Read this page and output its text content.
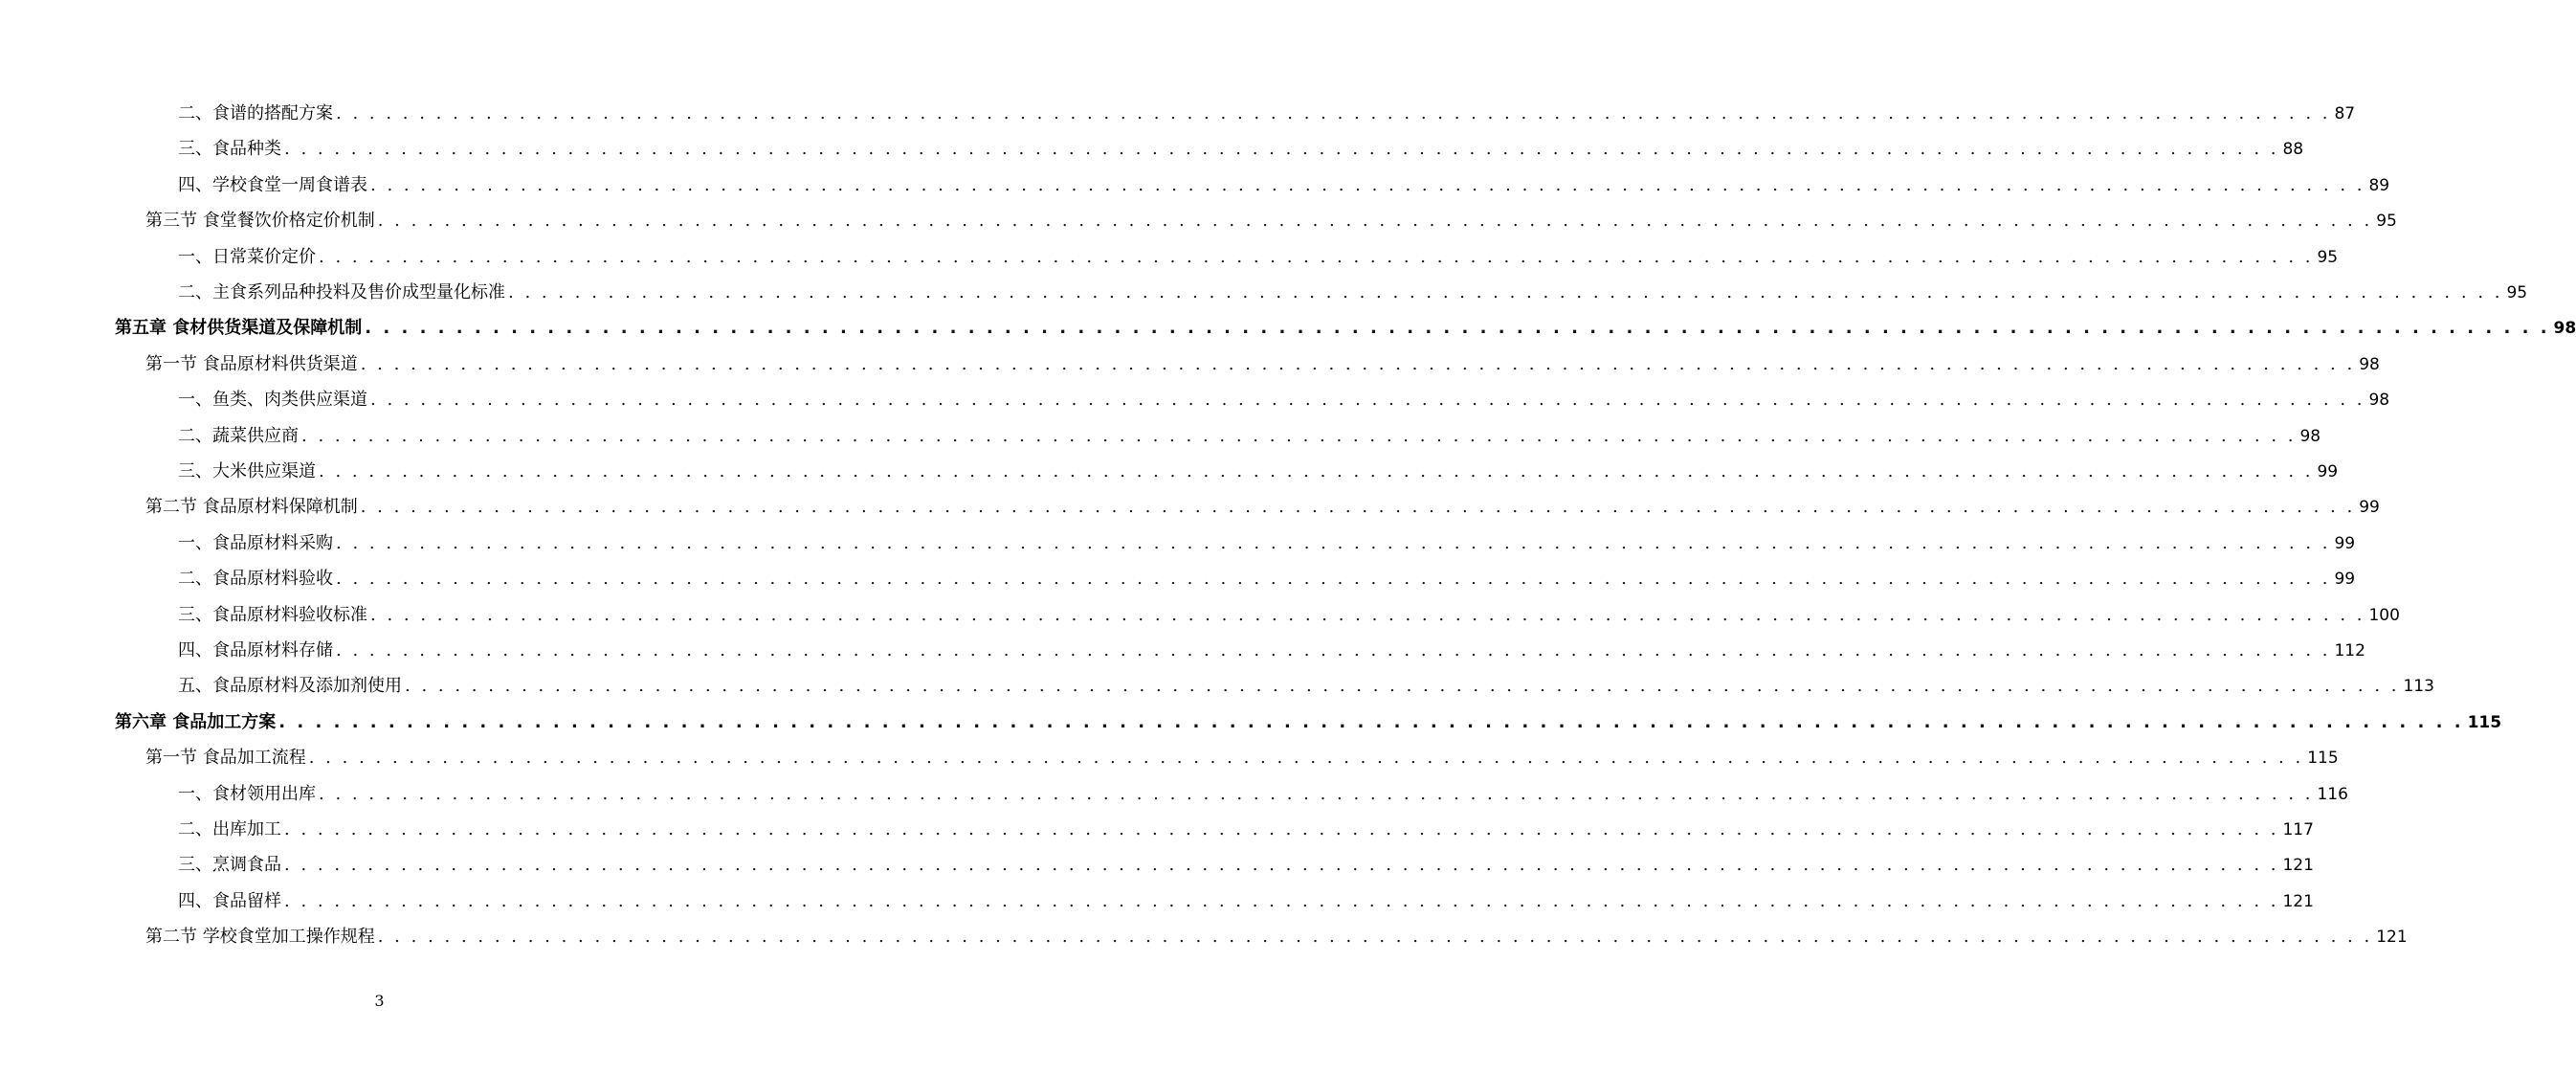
二、食谱的搭配方案 . . . . . . . . . . . . . . . . . . . . . . . . . . . . . . . . . . . . . . . . . . . . . . . . . . . . . . . . . . . . . . . . . . . . . . . . . . . . . . . . . . . . . . . . . . . . . . . . . . . . . . . . . . . . . . . . . . . . . . . . 87
三、食品种类 . . . . . . . . . . . . . . . . . . . . . . . . . . . . . . . . . . . . . . . . . . . . . . . . . . . . . . . . . . . . . . . . . . . . . . . . . . . . . . . . . . . . . . . . . . . . . . . . . . . . . . . . . . . . . . . . . . . . . . . . 88
四、学校食堂一周食谱表 . . . . . . . . . . . . . . . . . . . . . . . . . . . . . . . . . . . . . . . . . . . . . . . . . . . . . . . . . . . . . . . . . . . . . . . . . . . . . . . . . . . . . . . . . . . . . . . . . . . . . . . . . . . . . . . . . . . . . . . . 89
第三节 食堂餐饮价格定价机制 . . . . . . . . . . . . . . . . . . . . . . . . . . . . . . . . . . . . . . . . . . . . . . . . . . . . . . . . . . . . . . . . . . . . . . . . . . . . . . . . . . . . . . . . . . . . . . . . . . . . . . . . . . . . . . . . . . . . . . . . 95
一、日常菜价定价 . . . . . . . . . . . . . . . . . . . . . . . . . . . . . . . . . . . . . . . . . . . . . . . . . . . . . . . . . . . . . . . . . . . . . . . . . . . . . . . . . . . . . . . . . . . . . . . . . . . . . . . . . . . . . . . . . . . . . . . . 95
二、主食系列品种投料及售价成型量化标准 . . . . . . . . . . . . . . . . . . . . . . . . . . . . . . . . . . . . . . . . . . . . . . . . . . . . . . . . . . . . . . . . . . . . . . . . . . . . . . . . . . . . . . . . . . . . . . . . . . . . . . . . . . . . . . . . . . . . . . . . 95
第五章 食材供货渠道及保障机制 . . . . . . . . . . . . . . . . . . . . . . . . . . . . . . . . . . . . . . . . . . . . . . . . . . . . . . . . . . . . . . . . . . . . . . . . . . . . . . . . . . . . . . . . . . . . . . . . . . . . . . . . . . . . . . . . . . . . . . . . 98
第一节 食品原材料供货渠道 . . . . . . . . . . . . . . . . . . . . . . . . . . . . . . . . . . . . . . . . . . . . . . . . . . . . . . . . . . . . . . . . . . . . . . . . . . . . . . . . . . . . . . . . . . . . . . . . . . . . . . . . . . . . . . . . . . . . . . . . 98
一、鱼类、肉类供应渠道 . . . . . . . . . . . . . . . . . . . . . . . . . . . . . . . . . . . . . . . . . . . . . . . . . . . . . . . . . . . . . . . . . . . . . . . . . . . . . . . . . . . . . . . . . . . . . . . . . . . . . . . . . . . . . . . . . . . . . . . . 98
二、蔬菜供应商 . . . . . . . . . . . . . . . . . . . . . . . . . . . . . . . . . . . . . . . . . . . . . . . . . . . . . . . . . . . . . . . . . . . . . . . . . . . . . . . . . . . . . . . . . . . . . . . . . . . . . . . . . . . . . . . . . . . . . . . . 98
三、大米供应渠道 . . . . . . . . . . . . . . . . . . . . . . . . . . . . . . . . . . . . . . . . . . . . . . . . . . . . . . . . . . . . . . . . . . . . . . . . . . . . . . . . . . . . . . . . . . . . . . . . . . . . . . . . . . . . . . . . . . . . . . . . 99
第二节 食品原材料保障机制 . . . . . . . . . . . . . . . . . . . . . . . . . . . . . . . . . . . . . . . . . . . . . . . . . . . . . . . . . . . . . . . . . . . . . . . . . . . . . . . . . . . . . . . . . . . . . . . . . . . . . . . . . . . . . . . . . . . . . . . . 99
一、食品原材料采购 . . . . . . . . . . . . . . . . . . . . . . . . . . . . . . . . . . . . . . . . . . . . . . . . . . . . . . . . . . . . . . . . . . . . . . . . . . . . . . . . . . . . . . . . . . . . . . . . . . . . . . . . . . . . . . . . . . . . . . . . 99
二、食品原材料验收 . . . . . . . . . . . . . . . . . . . . . . . . . . . . . . . . . . . . . . . . . . . . . . . . . . . . . . . . . . . . . . . . . . . . . . . . . . . . . . . . . . . . . . . . . . . . . . . . . . . . . . . . . . . . . . . . . . . . . . . . 99
三、食品原材料验收标准 . . . . . . . . . . . . . . . . . . . . . . . . . . . . . . . . . . . . . . . . . . . . . . . . . . . . . . . . . . . . . . . . . . . . . . . . . . . . . . . . . . . . . . . . . . . . . . . . . . . . . . . . . . . . . . . . . . . . . . . . 100
四、食品原材料存储 . . . . . . . . . . . . . . . . . . . . . . . . . . . . . . . . . . . . . . . . . . . . . . . . . . . . . . . . . . . . . . . . . . . . . . . . . . . . . . . . . . . . . . . . . . . . . . . . . . . . . . . . . . . . . . . . . . . . . . . . 112
五、食品原材料及添加剂使用 . . . . . . . . . . . . . . . . . . . . . . . . . . . . . . . . . . . . . . . . . . . . . . . . . . . . . . . . . . . . . . . . . . . . . . . . . . . . . . . . . . . . . . . . . . . . . . . . . . . . . . . . . . . . . . . . . . . . . . . . 113
第六章 食品加工方案 . . . . . . . . . . . . . . . . . . . . . . . . . . . . . . . . . . . . . . . . . . . . . . . . . . . . . . . . . . . . . . . . . . . . . . . . . . . . . . . . . . . . . . . . . . . . . . . . . . . . . . . . . . . . . . . . . . . . . . . . 115
第一节 食品加工流程 . . . . . . . . . . . . . . . . . . . . . . . . . . . . . . . . . . . . . . . . . . . . . . . . . . . . . . . . . . . . . . . . . . . . . . . . . . . . . . . . . . . . . . . . . . . . . . . . . . . . . . . . . . . . . . . . . . . . . . . . 115
一、食材领用出库 . . . . . . . . . . . . . . . . . . . . . . . . . . . . . . . . . . . . . . . . . . . . . . . . . . . . . . . . . . . . . . . . . . . . . . . . . . . . . . . . . . . . . . . . . . . . . . . . . . . . . . . . . . . . . . . . . . . . . . . . 116
二、出库加工 . . . . . . . . . . . . . . . . . . . . . . . . . . . . . . . . . . . . . . . . . . . . . . . . . . . . . . . . . . . . . . . . . . . . . . . . . . . . . . . . . . . . . . . . . . . . . . . . . . . . . . . . . . . . . . . . . . . . . . . . 117
三、烹调食品 . . . . . . . . . . . . . . . . . . . . . . . . . . . . . . . . . . . . . . . . . . . . . . . . . . . . . . . . . . . . . . . . . . . . . . . . . . . . . . . . . . . . . . . . . . . . . . . . . . . . . . . . . . . . . . . . . . . . . . . . 121
四、食品留样 . . . . . . . . . . . . . . . . . . . . . . . . . . . . . . . . . . . . . . . . . . . . . . . . . . . . . . . . . . . . . . . . . . . . . . . . . . . . . . . . . . . . . . . . . . . . . . . . . . . . . . . . . . . . . . . . . . . . . . . . 121
第二节 学校食堂加工操作规程 . . . . . . . . . . . . . . . . . . . . . . . . . . . . . . . . . . . . . . . . . . . . . . . . . . . . . . . . . . . . . . . . . . . . . . . . . . . . . . . . . . . . . . . . . . . . . . . . . . . . . . . . . . . . . . . . . . . . . . . . 121
3
